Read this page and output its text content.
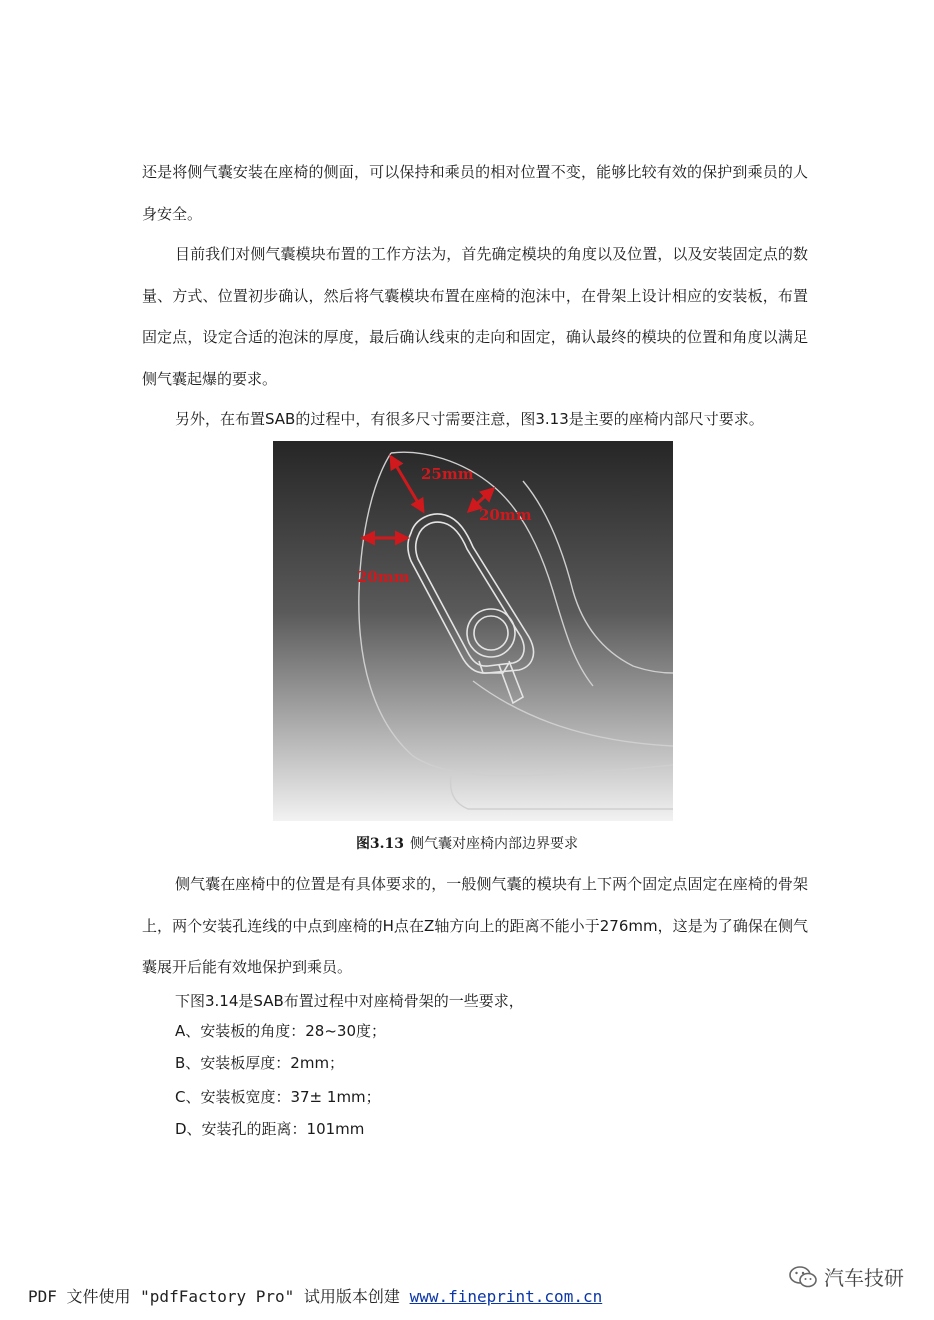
还是将侧气囊安装在座椅的侧面，可以保持和乘员的相对位置不变，能够比较有效的保护到乘员的人身安全。

目前我们对侧气囊模块布置的工作方法为，首先确定模块的角度以及位置，以及安装固定点的数量、方式、位置初步确认，然后将气囊模块布置在座椅的泡沫中，在骨架上设计相应的安装板，布置固定点，设定合适的泡沫的厚度，最后确认线束的走向和固定，确认最终的模块的位置和角度以满足侧气囊起爆的要求。

另外，在布置SAB的过程中，有很多尺寸需要注意，图3.13是主要的座椅内部尺寸要求。

25mm
20mm
20mm
图3.13 侧气囊对座椅内部边界要求

侧气囊在座椅中的位置是有具体要求的，一般侧气囊的模块有上下两个固定点固定在座椅的骨架上，两个安装孔连线的中点到座椅的H点在Z轴方向上的距离不能小于276mm，这是为了确保在侧气囊展开后能有效地保护到乘员。

下图3.14是SAB布置过程中对座椅骨架的一些要求，
A、安装板的角度：28~30度；
B、安装板厚度：2mm；
C、安装板宽度：37± 1mm；
D、安装孔的距离：101mm
汽车技研
PDF 文件使用 "pdfFactory Pro" 试用版本创建 www.fineprint.com.cn
